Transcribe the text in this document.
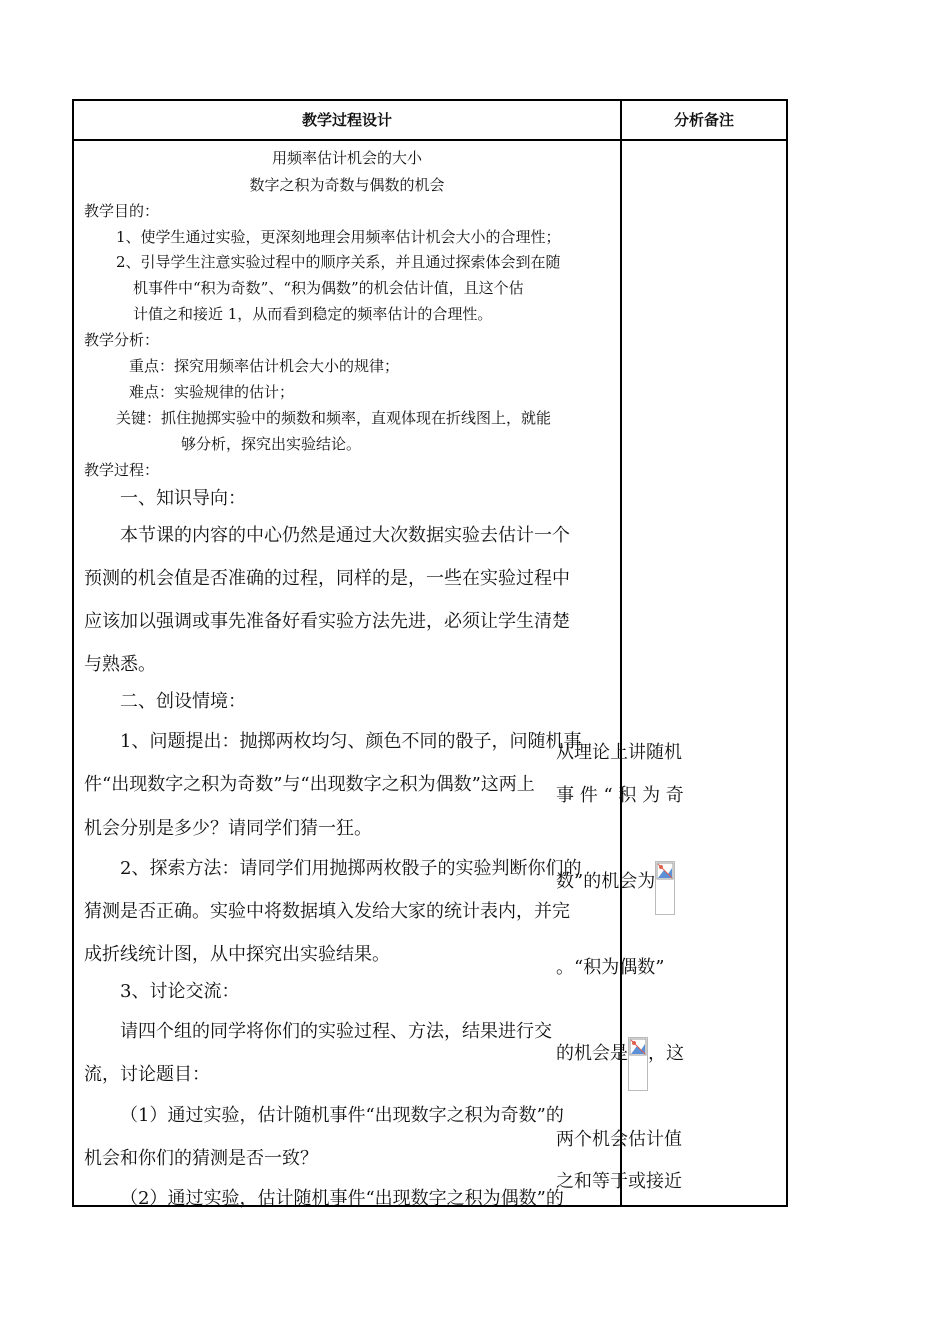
教学过程设计	分析备注
用频率估计机会的大小
数字之积为奇数与偶数的机会
教学目的：
1、使学生通过实验，更深刻地理会用频率估计机会大小的合理性；
2、引导学生注意实验过程中的顺序关系，并且通过探索体会到在随
机事件中“积为奇数”、“积为偶数”的机会估计值，且这个估
计值之和接近 1，从而看到稳定的频率估计的合理性。
教学分析：
重点：探究用频率估计机会大小的规律；
难点：实验规律的估计；
关键：抓住抛掷实验中的频数和频率，直观体现在折线图上，就能
够分析，探究出实验结论。
教学过程：
一、知识导向：
本节课的内容的中心仍然是通过大次数据实验去估计一个
预测的机会值是否准确的过程，同样的是，一些在实验过程中
应该加以强调或事先准备好看实验方法先进，必须让学生清楚
与熟悉。
二、创设情境：
1、问题提出：抛掷两枚均匀、颜色不同的骰子，问随机事
件“出现数字之积为奇数”与“出现数字之积为偶数”这两上
机会分别是多少？请同学们猜一狂。
2、探索方法：请同学们用抛掷两枚骰子的实验判断你们的
猜测是否正确。实验中将数据填入发给大家的统计表内，并完
成折线统计图，从中探究出实验结果。
3、讨论交流：
请四个组的同学将你们的实验过程、方法，结果进行交
流，讨论题目：
（1）通过实验，估计随机事件“出现数字之积为奇数”的
机会和你们的猜测是否一致？
（2）通过实验，估计随机事件“出现数字之积为偶数”的
从理论上讲随机
事 件 “ 积 为 奇
数”的机会为
。“积为偶数”
的机会是 ，这
两个机会估计值
之和等于或接近
